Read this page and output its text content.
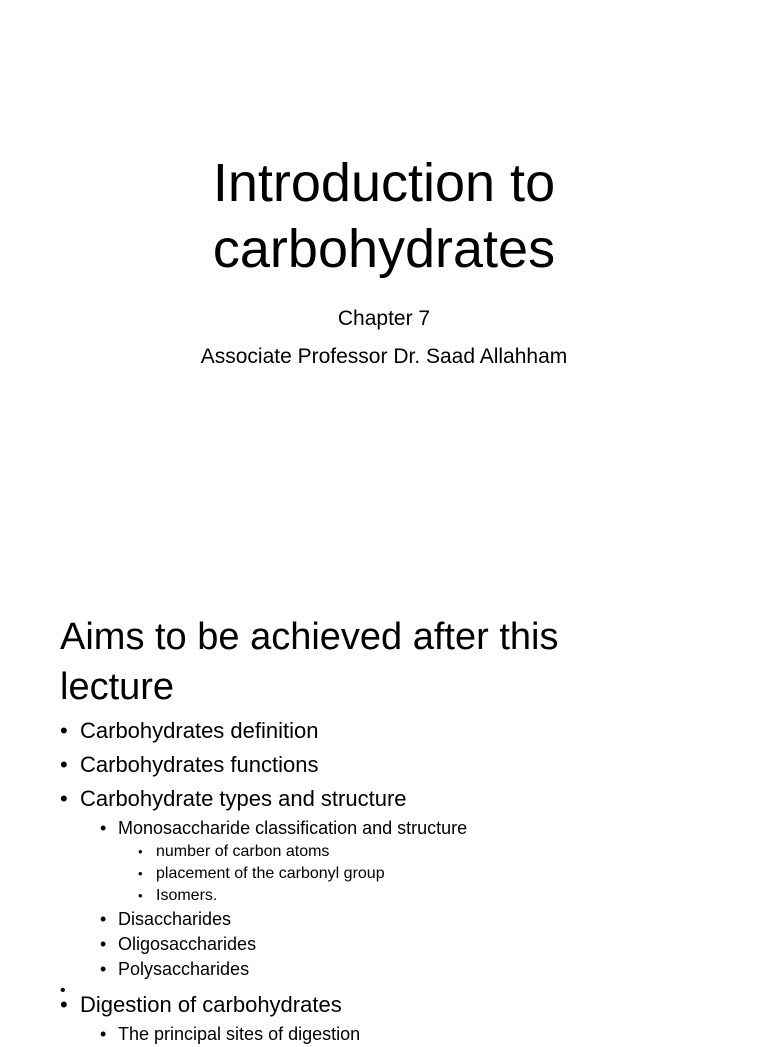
Introduction to
carbohydrates
Chapter 7
Associate Professor Dr. Saad Allahham
Aims to be achieved after this
lecture
• Carbohydrates definition
• Carbohydrates functions
• Carbohydrate types and structure
• Monosaccharide classification and structure
• number of carbon atoms
• placement of the carbonyl group
• Isomers.
• Disaccharides
• Oligosaccharides
• Polysaccharides
•
• Digestion of carbohydrates
• The principal sites of digestion
